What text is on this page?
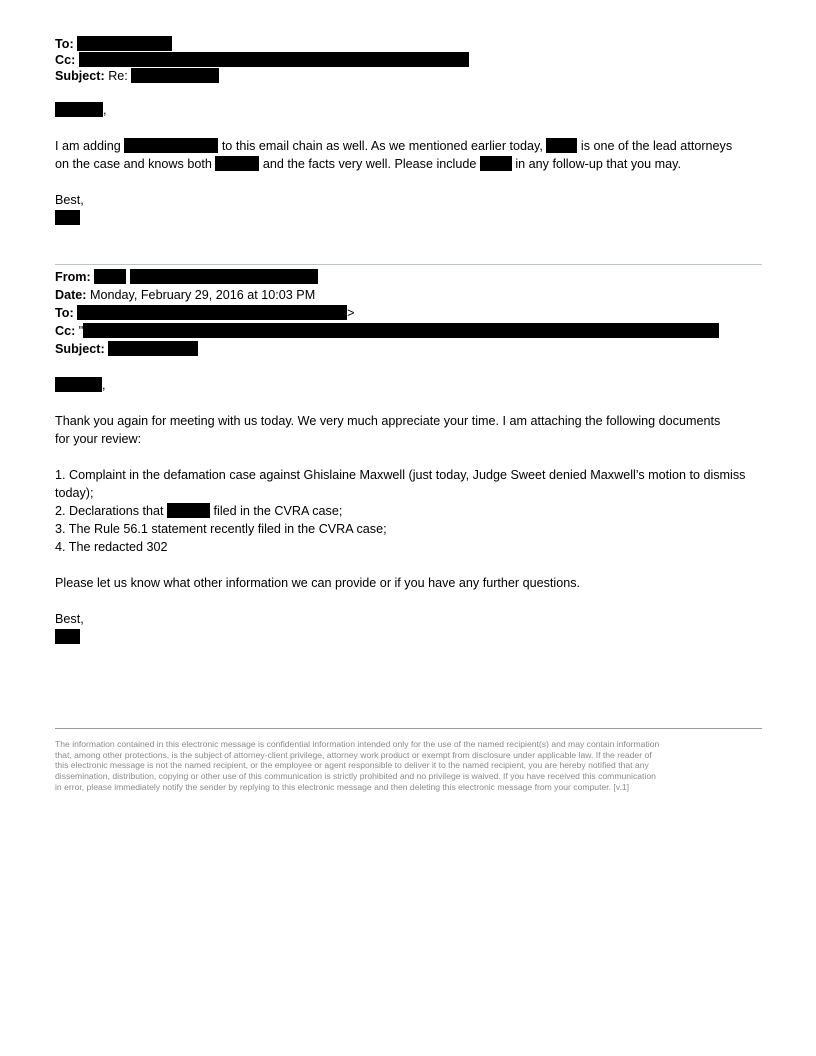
To:
Cc:
Subject: Re:
,
I am adding	to this email chain as well. As we mentioned earlier today,	is one of the lead attorneys
on the case and knows both	and the facts very well. Please include	in any follow-up that you may.
Best,
From:
Date: Monday, February 29, 2016 at 10:03 PM
To:	>
Cc: "
Subject:
,
Thank you again for meeting with us today. We very much appreciate your time. I am attaching the following documents
for your review:
1. Complaint in the defamation case against Ghislaine Maxwell (just today, Judge Sweet denied Maxwell’s motion to dismiss
today);
2. Declarations that	filed in the CVRA case;
3. The Rule 56.1 statement recently filed in the CVRA case;
4. The redacted 302
Please let us know what other information we can provide or if you have any further questions.
Best,
The information contained in this electronic message is confidential information intended only for the use of the named recipient(s) and may contain information
that, among other protections, is the subject of attorney-client privilege, attorney work product or exempt from disclosure under applicable law. If the reader of
this electronic message is not the named recipient, or the employee or agent responsible to deliver it to the named recipient, you are hereby notified that any
dissemination, distribution, copying or other use of this communication is strictly prohibited and no privilege is waived. If you have received this communication
in error, please immediately notify the sender by replying to this electronic message and then deleting this electronic message from your computer. [v.1]
